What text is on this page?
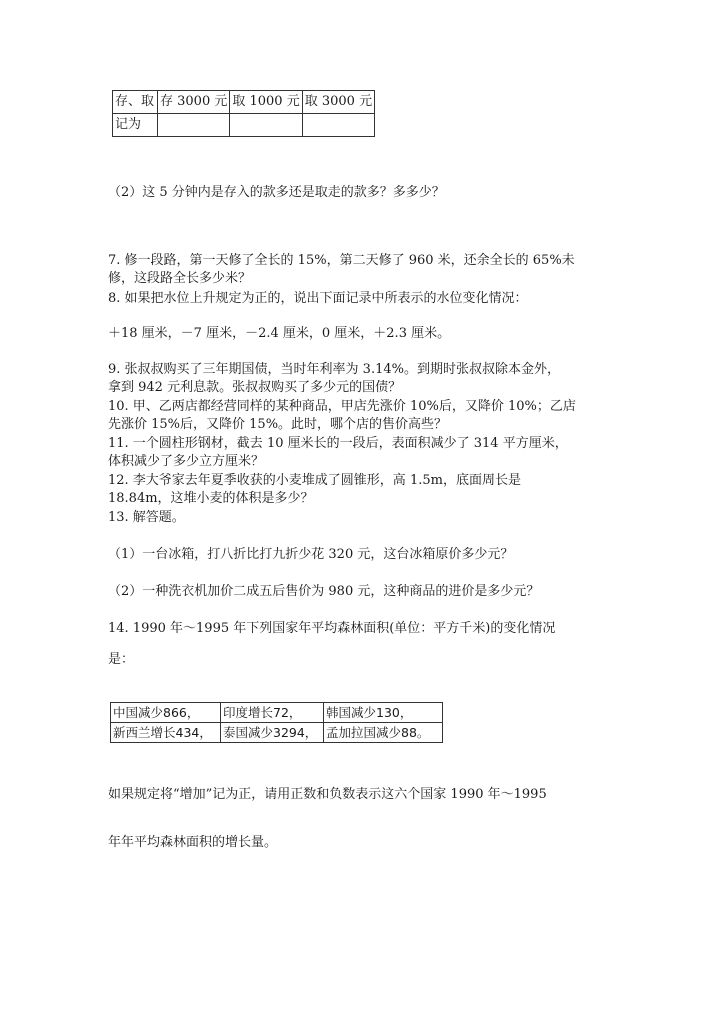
存、取	存 3000 元	取 1000 元	取 3000 元
记为			
（2）这 5 分钟内是存入的款多还是取走的款多？多多少？
7. 修一段路，第一天修了全长的 15%，第二天修了 960 米，还余全长的 65%未
修，这段路全长多少米？
8. 如果把水位上升规定为正的，说出下面记录中所表示的水位变化情况：
＋18 厘米，－7 厘米，－2.4 厘米，0 厘米，＋2.3 厘米。
9. 张叔叔购买了三年期国债，当时年利率为 3.14%。到期时张叔叔除本金外，
拿到 942 元利息款。张叔叔购买了多少元的国债？
10. 甲、乙两店都经营同样的某种商品，甲店先涨价 10%后，又降价 10%；乙店
先涨价 15%后，又降价 15%。此时，哪个店的售价高些？
11. 一个圆柱形钢材，截去 10 厘米长的一段后，表面积减少了 314 平方厘米，
体积减少了多少立方厘米？
12. 李大爷家去年夏季收获的小麦堆成了圆锥形，高 1.5m，底面周长是
18.84m，这堆小麦的体积是多少？
13. 解答题。
（1）一台冰箱，打八折比打九折少花 320 元，这台冰箱原价多少元？
（2）一种洗衣机加价二成五后售价为 980 元，这种商品的进价是多少元？
14. 1990 年～1995 年下列国家年平均森林面积(单位：平方千米)的变化情况
是：
中国减少866，	印度增长72，	韩国减少130，
新西兰增长434，	泰国减少3294，	孟加拉国减少88。
如果规定将“增加”记为正，请用正数和负数表示这六个国家 1990 年～1995
年年平均森林面积的增长量。
